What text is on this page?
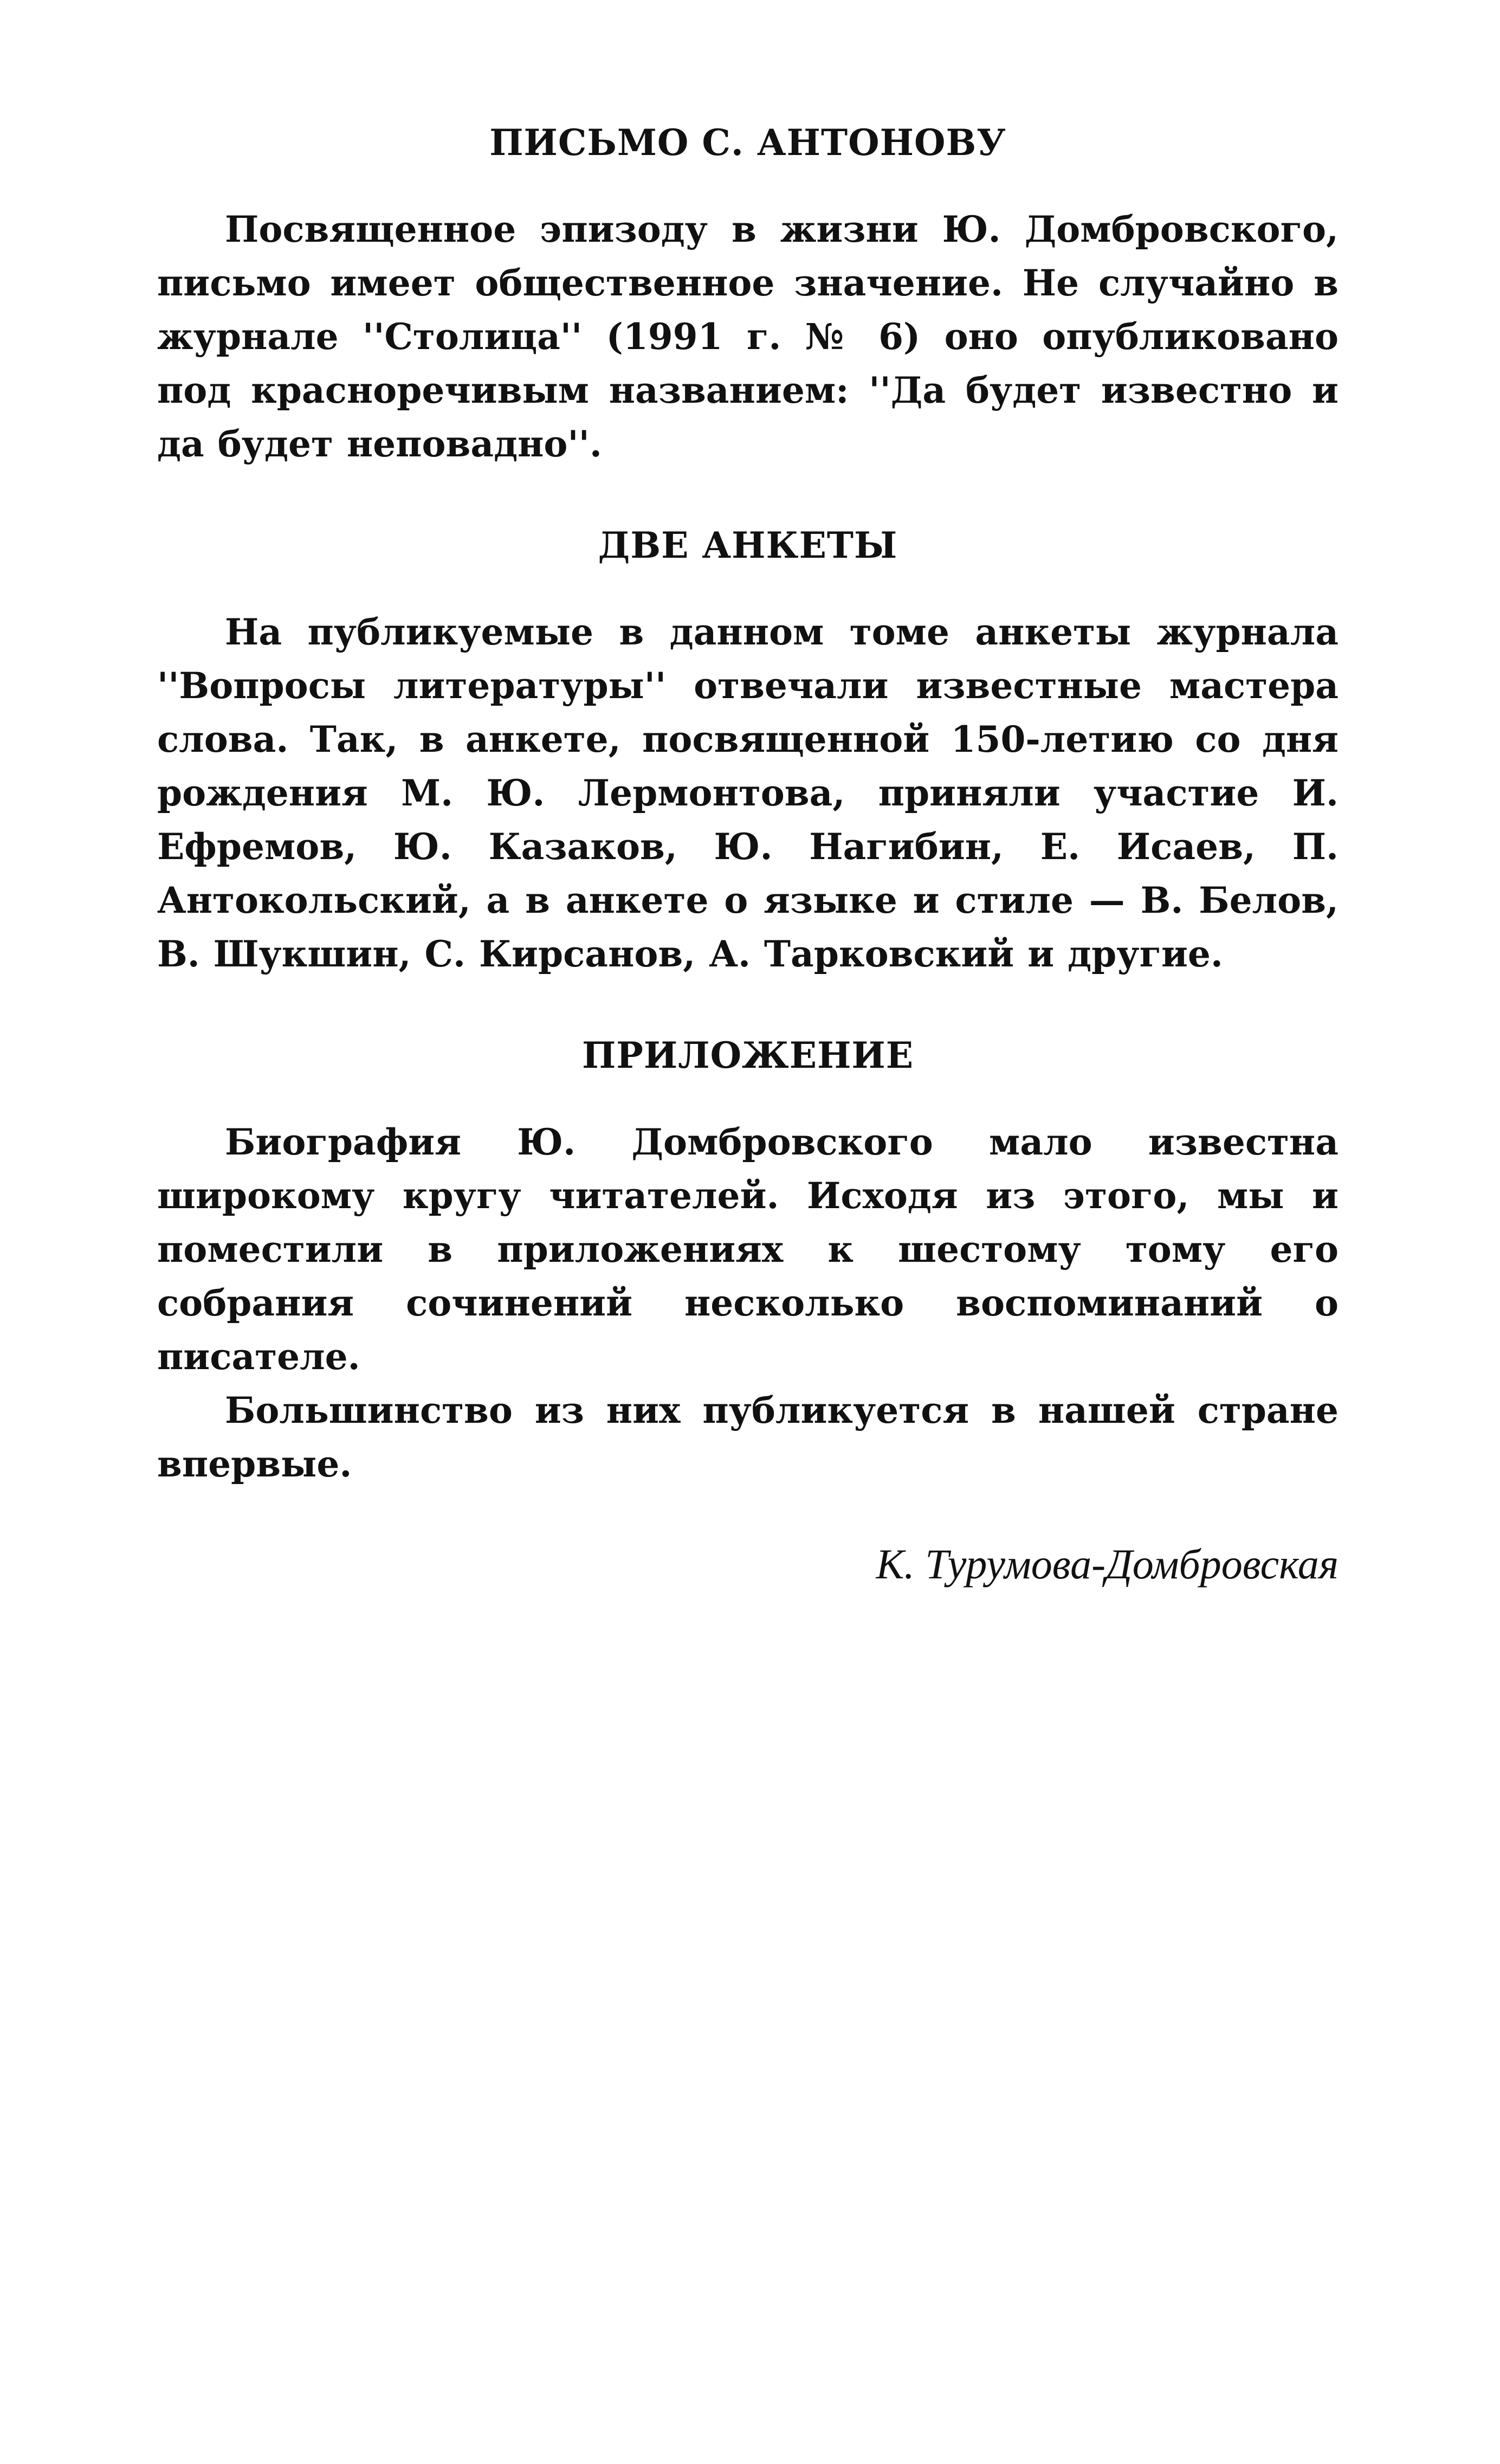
ПИСЬМО С. АНТОНОВУ

Посвященное эпизоду в жизни Ю. Домбровского, письмо имеет общественное значение. Не случайно в журнале ''Столица'' (1991 г. № 6) оно опубликовано под красноречивым названием: ''Да будет известно и да будет неповадно''.

ДВЕ АНКЕТЫ

На публикуемые в данном томе анкеты журнала ''Вопросы литературы'' отвечали известные мастера слова. Так, в анкете, посвященной 150-летию со дня рождения М. Ю. Лермонтова, приняли участие И. Ефремов, Ю. Казаков, Ю. Нагибин, Е. Исаев, П. Антокольский, а в анкете о языке и стиле — В. Белов, В. Шукшин, С. Кирсанов, А. Тарковский и другие.

ПРИЛОЖЕНИЕ

Биография Ю. Домбровского мало известна широкому кругу читателей. Исходя из этого, мы и поместили в приложениях к шестому тому его собрания сочинений несколько воспоминаний о писателе.

Большинство из них публикуется в нашей стране впервые.

К. Турумова-Домбровская
